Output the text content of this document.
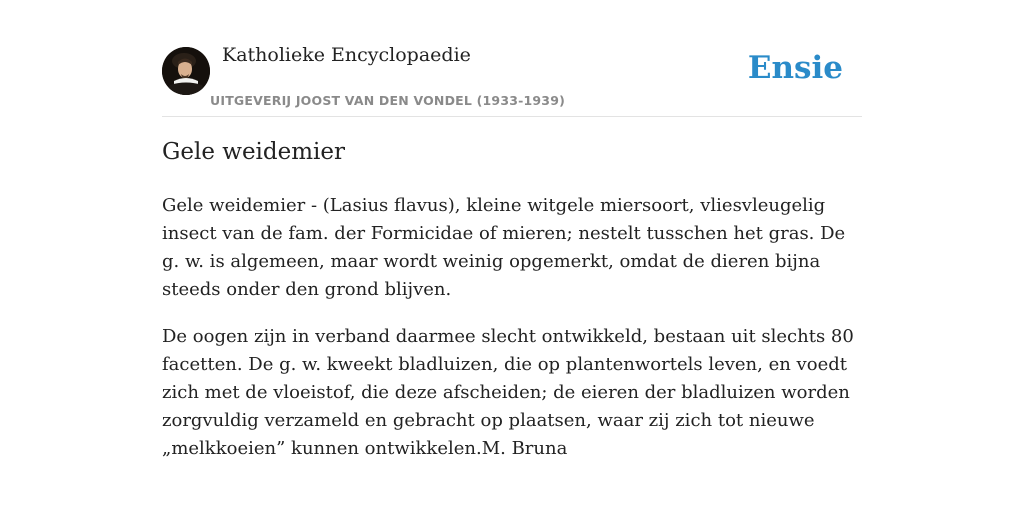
Katholieke Encyclopaedie
UITGEVERIJ JOOST VAN DEN VONDEL (1933-1939)
Ensie
Gele weidemier

Gele weidemier - (Lasius flavus), kleine witgele miersoort, vliesvleugelig insect van de fam. der Formicidae of mieren; nestelt tusschen het gras. De g. w. is algemeen, maar wordt weinig opgemerkt, omdat de dieren bijna steeds onder den grond blijven.

De oogen zijn in verband daarmee slecht ontwikkeld, bestaan uit slechts 80 facetten. De g. w. kweekt bladluizen, die op plantenwortels leven, en voedt zich met de vloeistof, die deze afscheiden; de eieren der bladluizen worden zorgvuldig verzameld en gebracht op plaatsen, waar zij zich tot nieuwe „melkkoeien” kunnen ontwikkelen.M. Bruna
